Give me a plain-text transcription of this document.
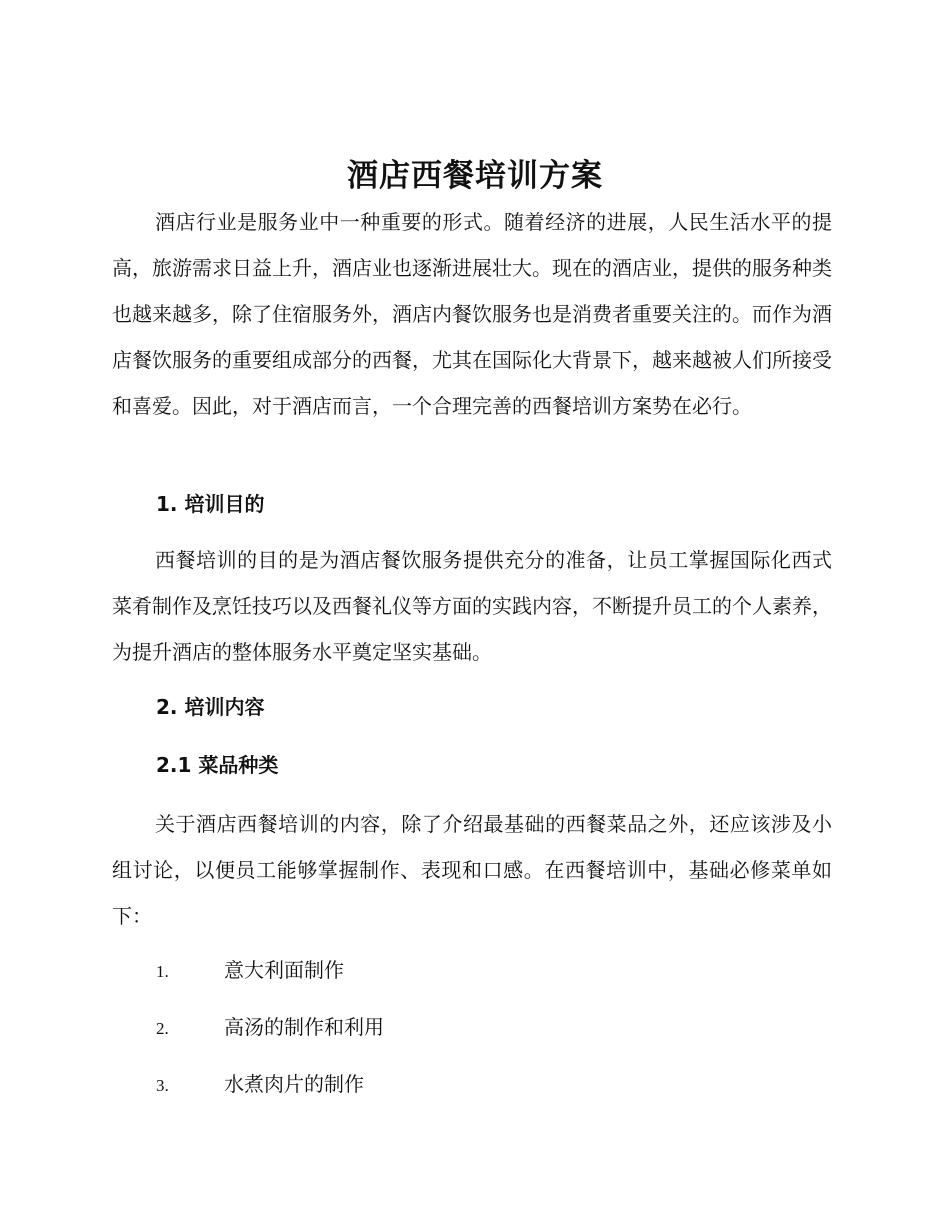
酒店西餐培训方案

酒店行业是服务业中一种重要的形式。随着经济的进展，人民生活水平的提高，旅游需求日益上升，酒店业也逐渐进展壮大。现在的酒店业，提供的服务种类也越来越多，除了住宿服务外，酒店内餐饮服务也是消费者重要关注的。而作为酒店餐饮服务的重要组成部分的西餐，尤其在国际化大背景下，越来越被人们所接受和喜爱。因此，对于酒店而言，一个合理完善的西餐培训方案势在必行。

1. 培训目的

西餐培训的目的是为酒店餐饮服务提供充分的准备，让员工掌握国际化西式菜肴制作及烹饪技巧以及西餐礼仪等方面的实践内容，不断提升员工的个人素养，为提升酒店的整体服务水平奠定坚实基础。

2. 培训内容
2.1 菜品种类

关于酒店西餐培训的内容，除了介绍最基础的西餐菜品之外，还应该涉及小组讨论，以便员工能够掌握制作、表现和口感。在西餐培训中，基础必修菜单如下：

1.	意大利面制作
2.	高汤的制作和利用
3.	水煮肉片的制作
